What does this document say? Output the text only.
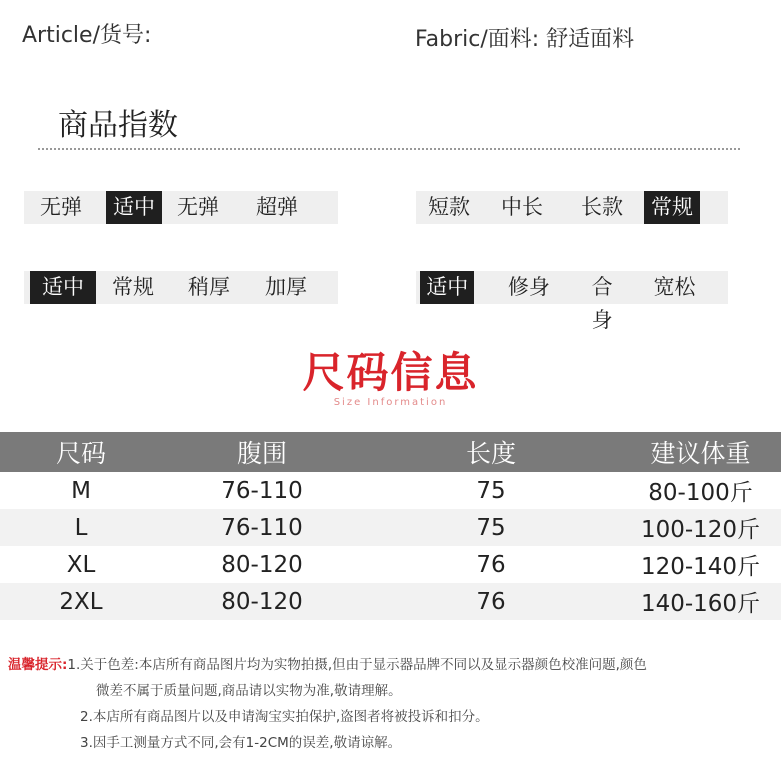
Article/货号:	Fabric/面料: 舒适面料
商品指数
无弹	适中	无弹	超弹	短款	中长	长款	常规
适中	常规	稍厚	加厚	适中	修身	合身
宽松
尺码信息
Size Information
尺码	腹围	长度	建议体重
M	76-110	75	80-100斤
L	76-110	75	100-120斤
XL	80-120	76	120-140斤
2XL	80-120	76	140-160斤
温馨提示:1.关于色差:本店所有商品图片均为实物拍摄,但由于显示器品牌不同以及显示器颜色校准问题,颜色
微差不属于质量问题,商品请以实物为准,敬请理解。
2.本店所有商品图片以及申请淘宝实拍保护,盗图者将被投诉和扣分。
3.因手工测量方式不同,会有1-2CM的误差,敬请谅解。
